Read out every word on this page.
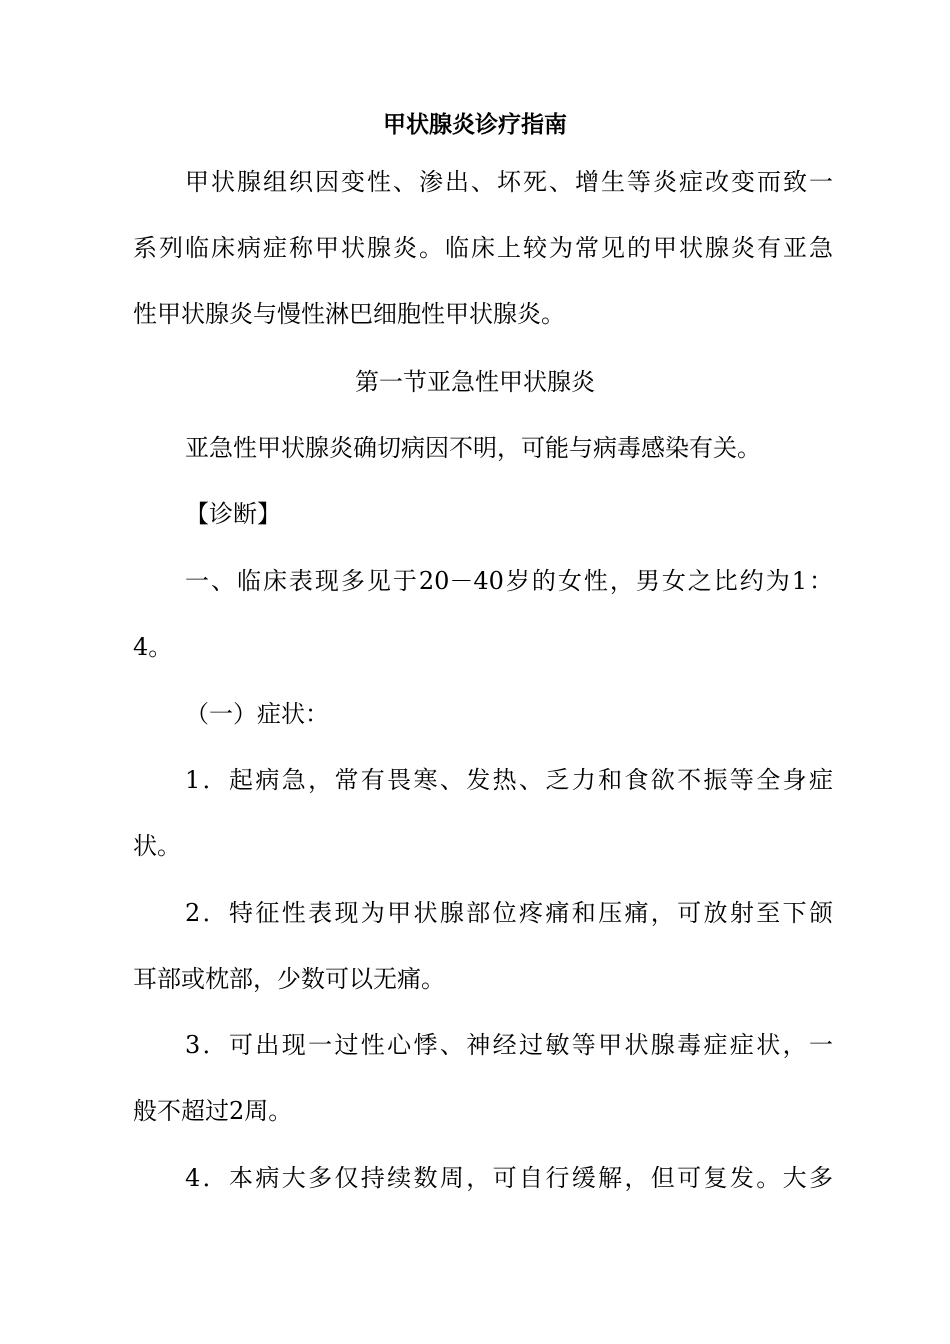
甲状腺炎诊疗指南

甲状腺组织因变性、渗出、坏死、增生等炎症改变而致一

系列临床病症称甲状腺炎。临床上较为常见的甲状腺炎有亚急

性甲状腺炎与慢性淋巴细胞性甲状腺炎。

第一节亚急性甲状腺炎

亚急性甲状腺炎确切病因不明，可能与病毒感染有关。

【诊断】

一、临床表现多见于20－40岁的女性，男女之比约为1：

4。

（一）症状：

1．起病急，常有畏寒、发热、乏力和食欲不振等全身症

状。

2．特征性表现为甲状腺部位疼痛和压痛，可放射至下颌

耳部或枕部，少数可以无痛。

3．可出现一过性心悸、神经过敏等甲状腺毒症症状，一

般不超过2周。

4．本病大多仅持续数周，可自行缓解，但可复发。大多
